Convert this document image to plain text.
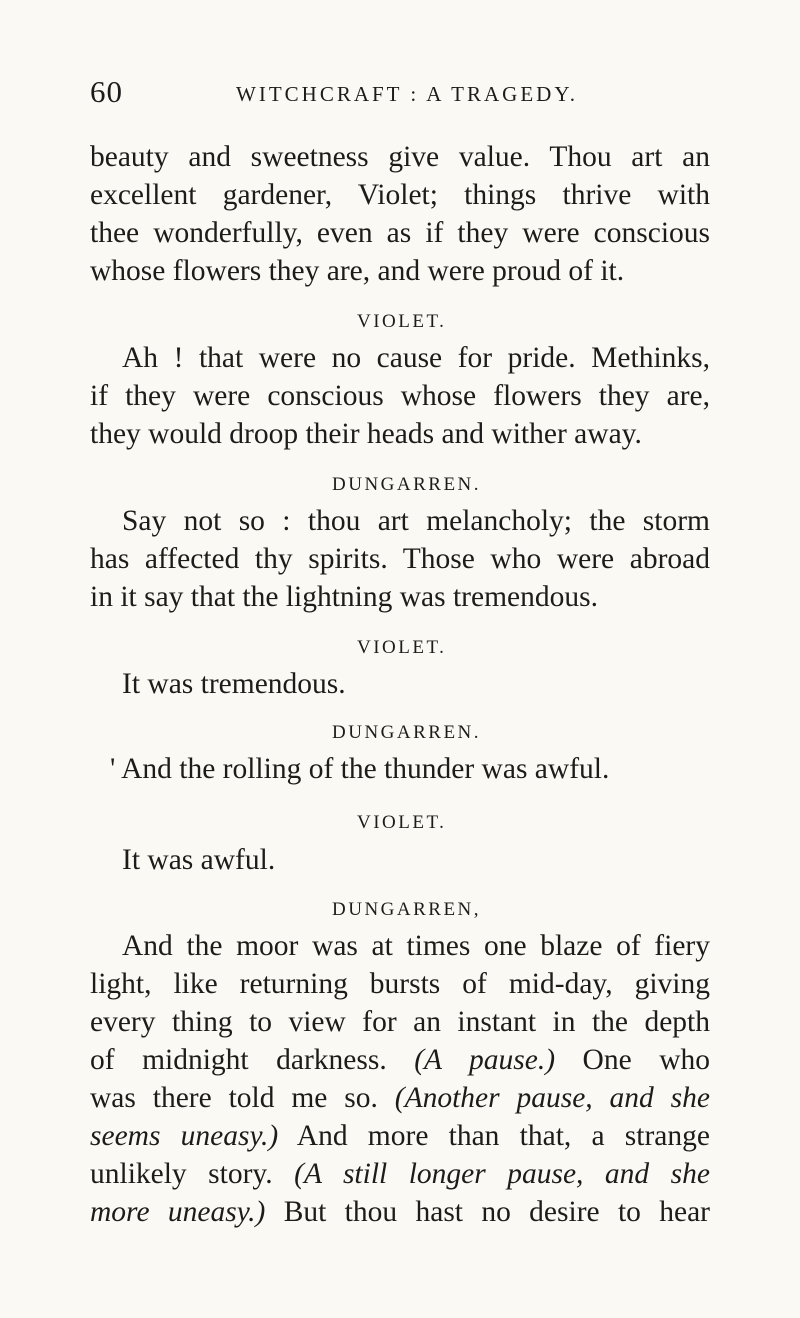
60	WITCHCRAFT : A TRAGEDY.
beauty and sweetness give value. Thou art an
excellent gardener, Violet; things thrive with
thee wonderfully, even as if they were conscious
whose flowers they are, and were proud of it.
VIOLET.
Ah ! that were no cause for pride. Methinks,
if they were conscious whose flowers they are,
they would droop their heads and wither away.
DUNGARREN.
Say not so : thou art melancholy; the storm
has affected thy spirits. Those who were abroad
in it say that the lightning was tremendous.
VIOLET.
It was tremendous.
DUNGARREN.
' And the rolling of the thunder was awful.
VIOLET.
It was awful.
DUNGARREN,
And the moor was at times one blaze of fiery
light, like returning bursts of mid-day, giving
every thing to view for an instant in the depth
of midnight darkness. (A pause.) One who
was there told me so. (Another pause, and she
seems uneasy.) And more than that, a strange
unlikely story. (A still longer pause, and she
more uneasy.) But thou hast no desire to hear
